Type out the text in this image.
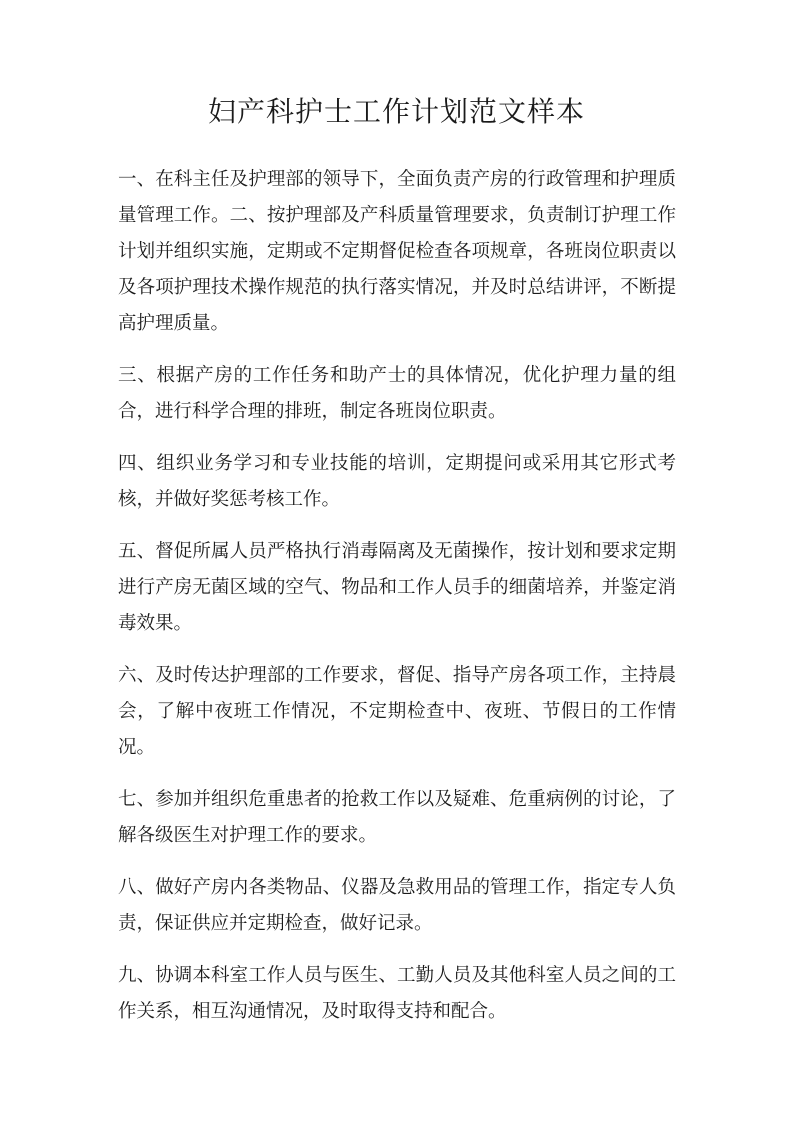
妇产科护士工作计划范文样本

一、在科主任及护理部的领导下，全面负责产房的行政管理和护理质量管理工作。二、按护理部及产科质量管理要求，负责制订护理工作计划并组织实施，定期或不定期督促检查各项规章，各班岗位职责以及各项护理技术操作规范的执行落实情况，并及时总结讲评，不断提高护理质量。

三、根据产房的工作任务和助产士的具体情况，优化护理力量的组合，进行科学合理的排班，制定各班岗位职责。

四、组织业务学习和专业技能的培训，定期提问或采用其它形式考核，并做好奖惩考核工作。

五、督促所属人员严格执行消毒隔离及无菌操作，按计划和要求定期进行产房无菌区域的空气、物品和工作人员手的细菌培养，并鉴定消毒效果。

六、及时传达护理部的工作要求，督促、指导产房各项工作，主持晨会，了解中夜班工作情况，不定期检查中、夜班、节假日的工作情况。

七、参加并组织危重患者的抢救工作以及疑难、危重病例的讨论，了解各级医生对护理工作的要求。

八、做好产房内各类物品、仪器及急救用品的管理工作，指定专人负责，保证供应并定期检查，做好记录。

九、协调本科室工作人员与医生、工勤人员及其他科室人员之间的工作关系，相互沟通情况，及时取得支持和配合。
